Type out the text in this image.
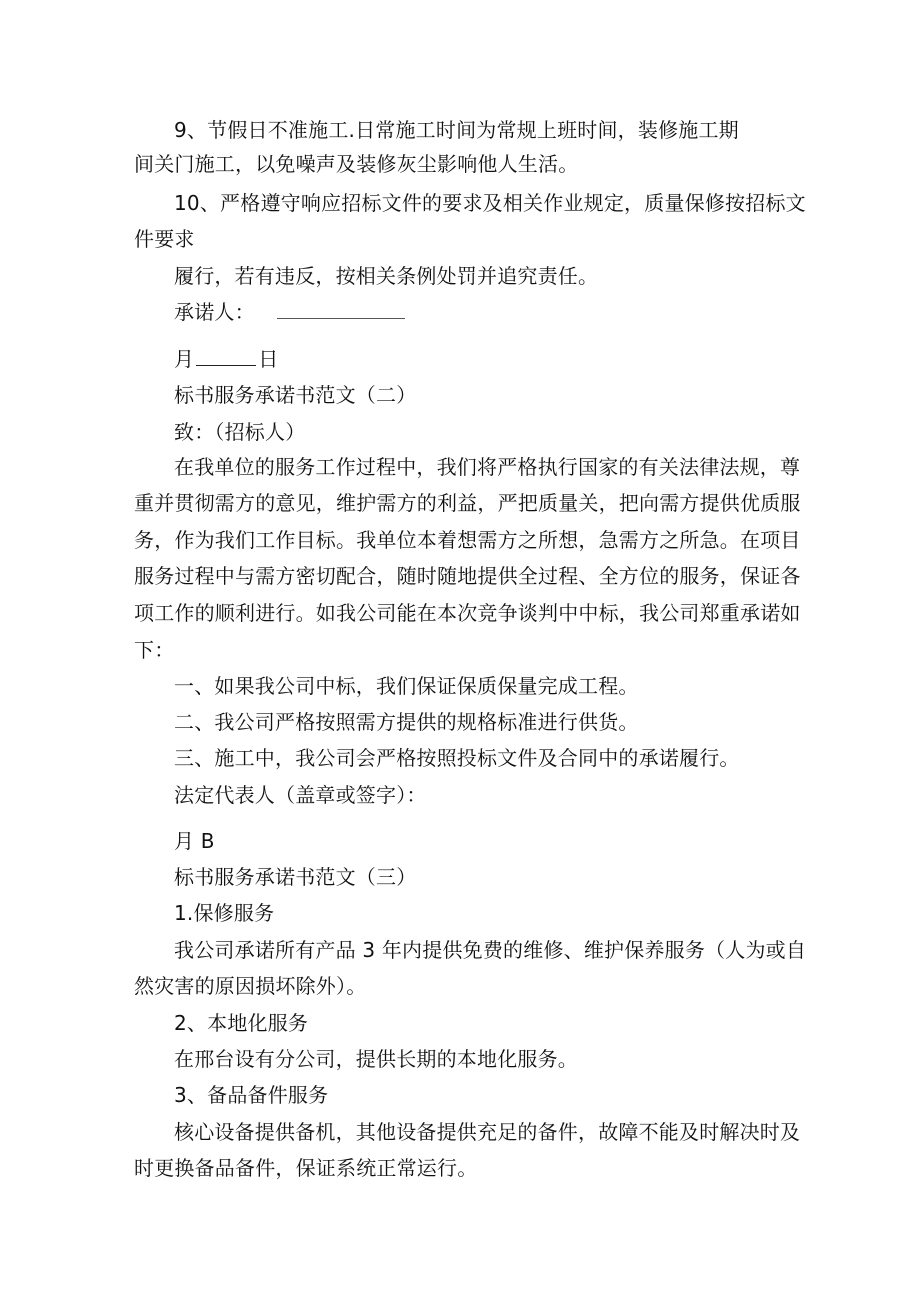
9、节假日不准施工.日常施工时间为常规上班时间，装修施工期
间关门施工，以免噪声及装修灰尘影响他人生活。
10、严格遵守响应招标文件的要求及相关作业规定，质量保修按招标文
件要求
履行，若有违反，按相关条例处罚并追究责任。
承诺人：
月	日
标书服务承诺书范文（二）
致：（招标人）
在我单位的服务工作过程中，我们将严格执行国家的有关法律法规，尊
重并贯彻需方的意见，维护需方的利益，严把质量关，把向需方提供优质服
务，作为我们工作目标。我单位本着想需方之所想，急需方之所急。在项目
服务过程中与需方密切配合，随时随地提供全过程、全方位的服务，保证各
项工作的顺利进行。如我公司能在本次竞争谈判中中标，我公司郑重承诺如
下：
一、如果我公司中标，我们保证保质保量完成工程。
二、我公司严格按照需方提供的规格标准进行供货。
三、施工中，我公司会严格按照投标文件及合同中的承诺履行。
法定代表人（盖章或签字）：
月 B
标书服务承诺书范文（三）
1.保修服务
我公司承诺所有产品 3 年内提供免费的维修、维护保养服务（人为或自
然灾害的原因损坏除外）。
2、本地化服务
在邢台设有分公司，提供长期的本地化服务。
3、备品备件服务
核心设备提供备机，其他设备提供充足的备件，故障不能及时解决时及
时更换备品备件，保证系统正常运行。
